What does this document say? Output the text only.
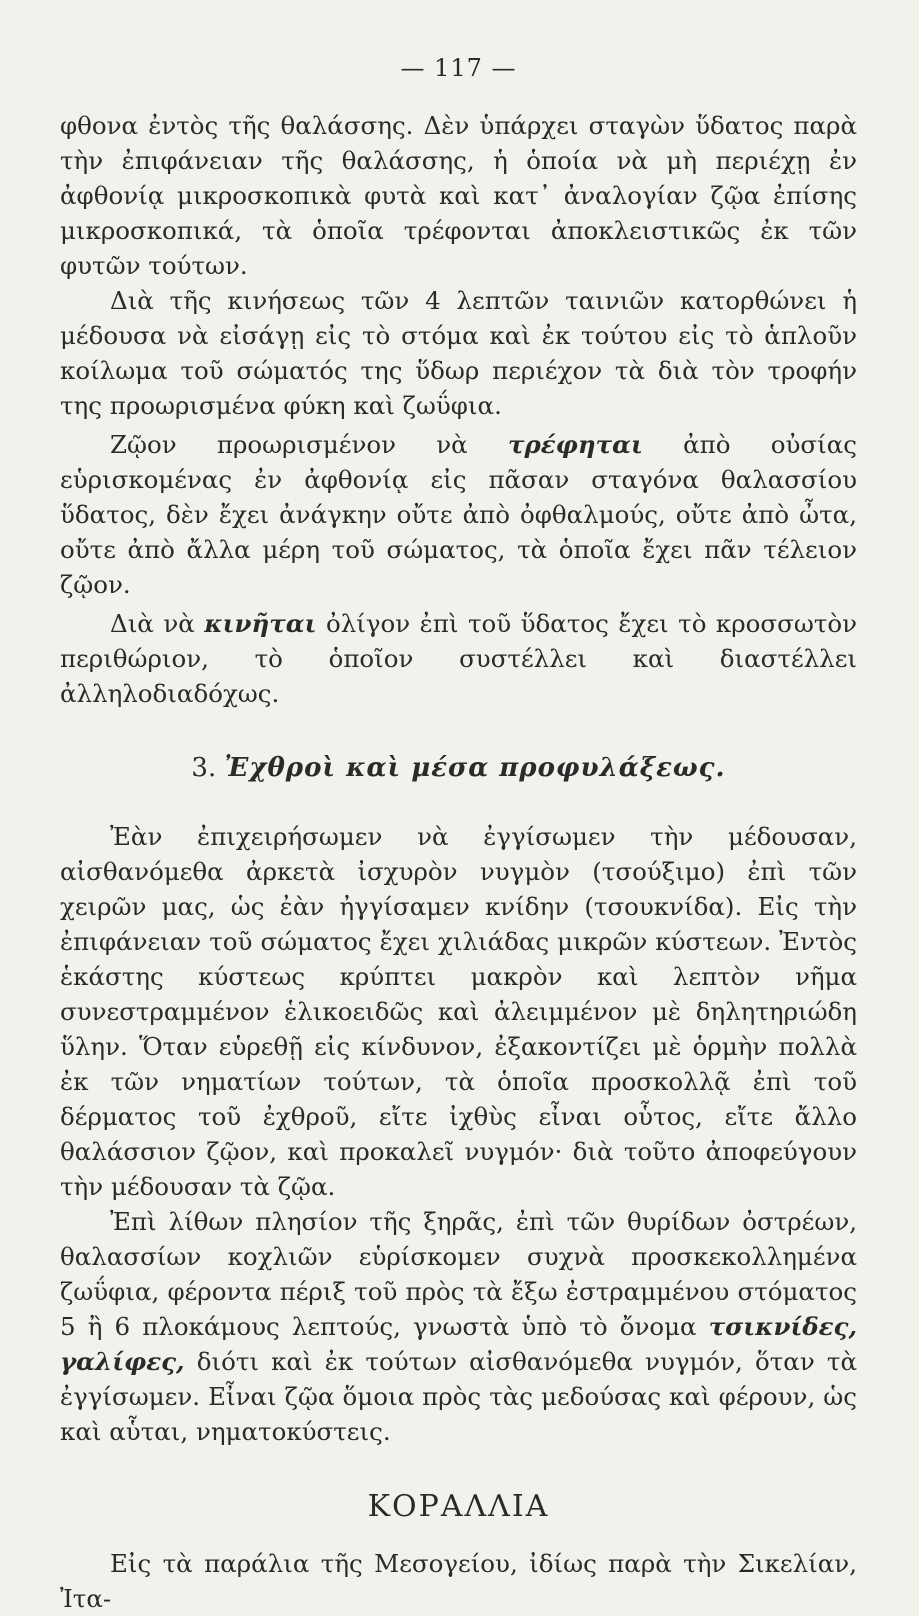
— 117 —

φθονα ἐντὸς τῆς θαλάσσης. Δὲν ὑπάρχει σταγὼν ὕδατος παρὰ τὴν ἐπιφάνειαν τῆς θαλάσσης, ἡ ὁποία νὰ μὴ περιέχῃ ἐν ἀφθονίᾳ μικροσκοπικὰ φυτὰ καὶ κατ᾽ ἀναλογίαν ζῷα ἐπίσης μικροσκοπικά, τὰ ὁποῖα τρέφονται ἀποκλειστικῶς ἐκ τῶν φυτῶν τούτων.

Διὰ τῆς κινήσεως τῶν 4 λεπτῶν ταινιῶν κατορθώνει ἡ μέδουσα νὰ εἰσάγῃ εἰς τὸ στόμα καὶ ἐκ τούτου εἰς τὸ ἁπλοῦν κοίλωμα τοῦ σώματός της ὕδωρ περιέχον τὰ διὰ τὸν τροφήν της προωρισμένα φύκη καὶ ζωΰφια.

Ζῷον προωρισμένον νὰ τρέφηται ἀπὸ οὐσίας εὑρισκομένας ἐν ἀφθονίᾳ εἰς πᾶσαν σταγόνα θαλασσίου ὕδατος, δὲν ἔχει ἀνάγκην οὔτε ἀπὸ ὀφθαλμούς, οὔτε ἀπὸ ὦτα, οὔτε ἀπὸ ἄλλα μέρη τοῦ σώματος, τὰ ὁποῖα ἔχει πᾶν τέλειον ζῷον.

Διὰ νὰ κινῆται ὀλίγον ἐπὶ τοῦ ὕδατος ἔχει τὸ κροσσωτὸν περιθώριον, τὸ ὁποῖον συστέλλει καὶ διαστέλλει ἀλληλοδιαδόχως.

3. Ἐχθροὶ καὶ μέσα προφυλάξεως.

Ἐὰν ἐπιχειρήσωμεν νὰ ἐγγίσωμεν τὴν μέδουσαν, αἰσθανόμεθα ἀρκετὰ ἰσχυρὸν νυγμὸν (τσούξιμο) ἐπὶ τῶν χειρῶν μας, ὡς ἐὰν ἠγγίσαμεν κνίδην (τσουκνίδα). Εἰς τὴν ἐπιφάνειαν τοῦ σώματος ἔχει χιλιάδας μικρῶν κύστεων. Ἐντὸς ἑκάστης κύστεως κρύπτει μακρὸν καὶ λεπτὸν νῆμα συνεστραμμένον ἑλικοειδῶς καὶ ἀλειμμένον μὲ δηλητηριώδη ὕλην. Ὅταν εὑρεθῇ εἰς κίνδυνον, ἐξακοντίζει μὲ ὁρμὴν πολλὰ ἐκ τῶν νηματίων τούτων, τὰ ὁποῖα προσκολλᾷ ἐπὶ τοῦ δέρματος τοῦ ἐχθροῦ, εἴτε ἰχθὺς εἶναι οὗτος, εἴτε ἄλλο θαλάσσιον ζῷον, καὶ προκαλεῖ νυγμόν· διὰ τοῦτο ἀποφεύγουν τὴν μέδουσαν τὰ ζῷα.

Ἐπὶ λίθων πλησίον τῆς ξηρᾶς, ἐπὶ τῶν θυρίδων ὀστρέων, θαλασσίων κοχλιῶν εὑρίσκομεν συχνὰ προσκεκολλημένα ζωΰφια, φέροντα πέριξ τοῦ πρὸς τὰ ἔξω ἐστραμμένου στόματος 5 ἢ 6 πλοκάμους λεπτούς, γνωστὰ ὑπὸ τὸ ὄνομα τσικνίδες, γαλίφες, διότι καὶ ἐκ τούτων αἰσθανόμεθα νυγμόν, ὅταν τὰ ἐγγίσωμεν. Εἶναι ζῷα ὅμοια πρὸς τὰς μεδούσας καὶ φέρουν, ὡς καὶ αὗται, νηματοκύστεις.

ΚΟΡΑΛΛΙΑ

Εἰς τὰ παράλια τῆς Μεσογείου, ἰδίως παρὰ τὴν Σικελίαν, Ἰτα-
